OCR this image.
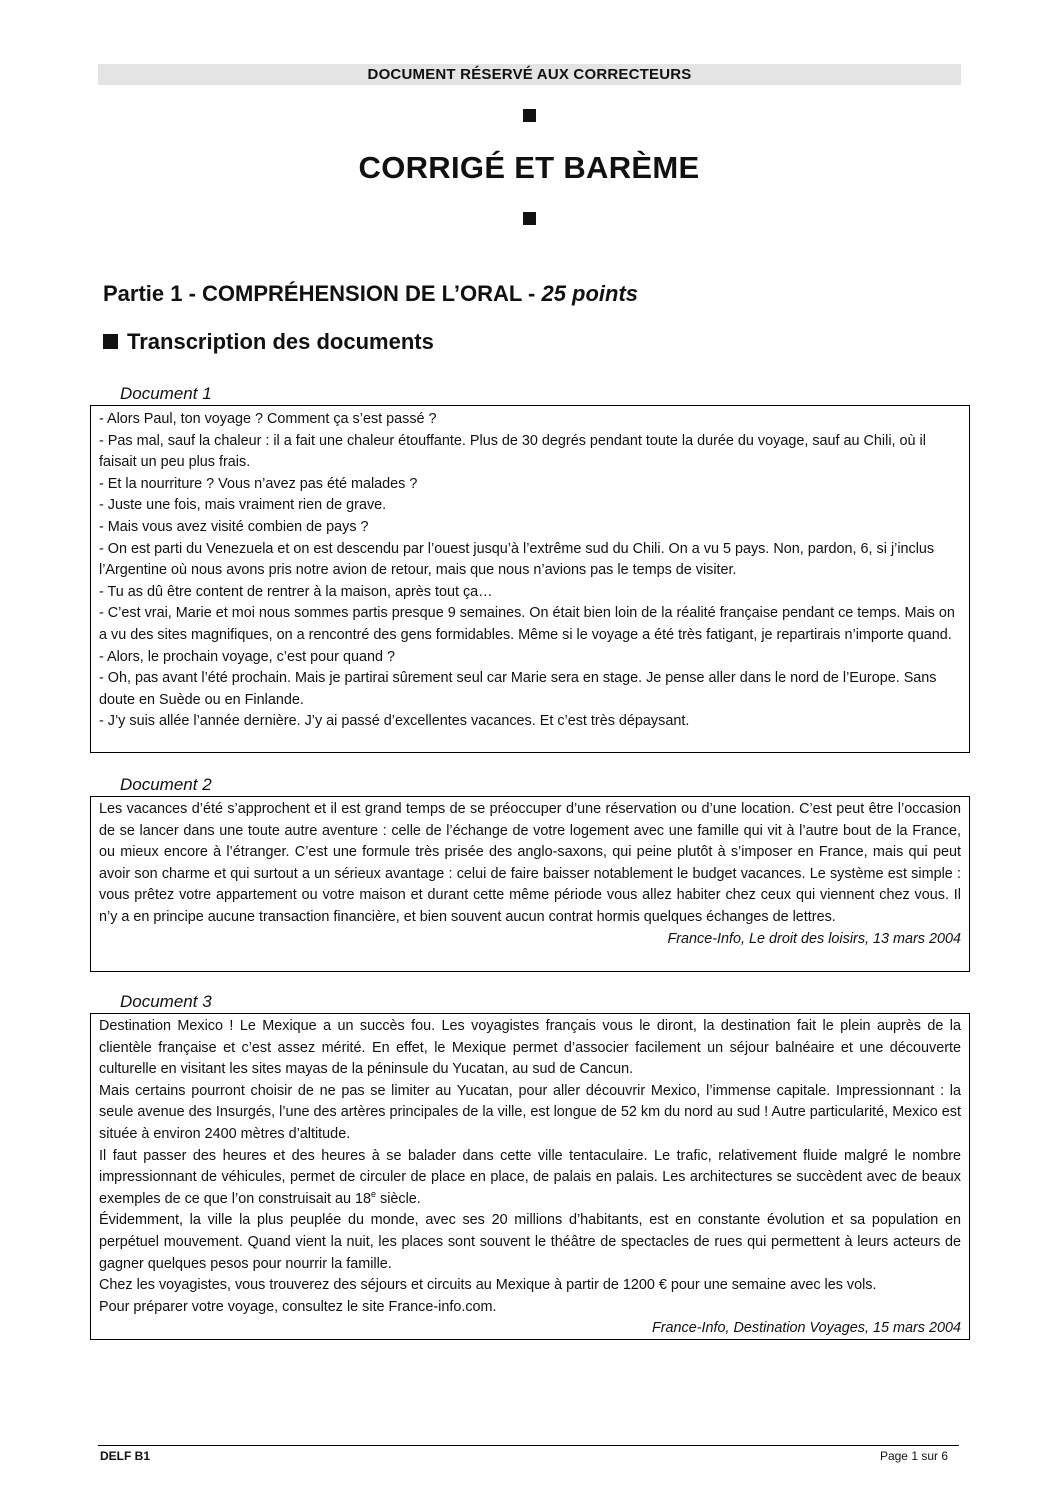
DOCUMENT RÉSERVÉ AUX CORRECTEURS
CORRIGÉ ET BARÈME
Partie 1 - COMPRÉHENSION DE L’ORAL - 25 points
Transcription des documents
Document 1

- Alors Paul, ton voyage ? Comment ça s’est passé ?

- Pas mal, sauf la chaleur : il a fait une chaleur étouffante. Plus de 30 degrés pendant toute la durée du voyage, sauf au Chili, où il faisait un peu plus frais.

- Et la nourriture ? Vous n’avez pas été malades ?

- Juste une fois, mais vraiment rien de grave.

- Mais vous avez visité combien de pays ?

- On est parti du Venezuela et on est descendu par l’ouest jusqu’à l’extrême sud du Chili. On a vu 5 pays. Non, pardon, 6, si j’inclus l’Argentine où nous avons pris notre avion de retour, mais que nous n’avions pas le temps de visiter.

- Tu as dû être content de rentrer à la maison, après tout ça…

- C’est vrai, Marie et moi nous sommes partis presque 9 semaines. On était bien loin de la réalité française pendant ce temps. Mais on a vu des sites magnifiques, on a rencontré des gens formidables. Même si le voyage a été très fatigant, je repartirais n’importe quand.

- Alors, le prochain voyage, c’est pour quand ?

- Oh, pas avant l’été prochain. Mais je partirai sûrement seul car Marie sera en stage. Je pense aller dans le nord de l’Europe. Sans doute en Suède ou en Finlande.

- J’y suis allée l’année dernière. J’y ai passé d’excellentes vacances. Et c’est très dépaysant.

Document 2

Les vacances d’été s’approchent et il est grand temps de se préoccuper d’une réservation ou d’une location. C’est peut être l’occasion de se lancer dans une toute autre aventure : celle de l’échange de votre logement avec une famille qui vit à l’autre bout de la France, ou mieux encore à l’étranger. C’est une formule très prisée des anglo-saxons, qui peine plutôt à s’imposer en France, mais qui peut avoir son charme et qui surtout a un sérieux avantage : celui de faire baisser notablement le budget vacances. Le système est simple : vous prêtez votre appartement ou votre maison et durant cette même période vous allez habiter chez ceux qui viennent chez vous. Il n’y a en principe aucune transaction financière, et bien souvent aucun contrat hormis quelques échanges de lettres.

France-Info, Le droit des loisirs, 13 mars 2004

Document 3

Destination Mexico ! Le Mexique a un succès fou. Les voyagistes français vous le diront, la destination fait le plein auprès de la clientèle française et c’est assez mérité. En effet, le Mexique permet d’associer facilement un séjour balnéaire et une découverte culturelle en visitant les sites mayas de la péninsule du Yucatan, au sud de Cancun.

Mais certains pourront choisir de ne pas se limiter au Yucatan, pour aller découvrir Mexico, l’immense capitale. Impressionnant : la seule avenue des Insurgés, l’une des artères principales de la ville, est longue de 52 km du nord au sud ! Autre particularité, Mexico est située à environ 2400 mètres d’altitude.

Il faut passer des heures et des heures à se balader dans cette ville tentaculaire. Le trafic, relativement fluide malgré le nombre impressionnant de véhicules, permet de circuler de place en place, de palais en palais. Les architectures se succèdent avec de beaux exemples de ce que l’on construisait au 18e siècle.

Évidemment, la ville la plus peuplée du monde, avec ses 20 millions d’habitants, est en constante évolution et sa population en perpétuel mouvement. Quand vient la nuit, les places sont souvent le théâtre de spectacles de rues qui permettent à leurs acteurs de gagner quelques pesos pour nourrir la famille.

Chez les voyagistes, vous trouverez des séjours et circuits au Mexique à partir de 1200 € pour une semaine avec les vols.

Pour préparer votre voyage, consultez le site France-info.com.

France-Info, Destination Voyages, 15 mars 2004

DELF B1	Page 1 sur 6
